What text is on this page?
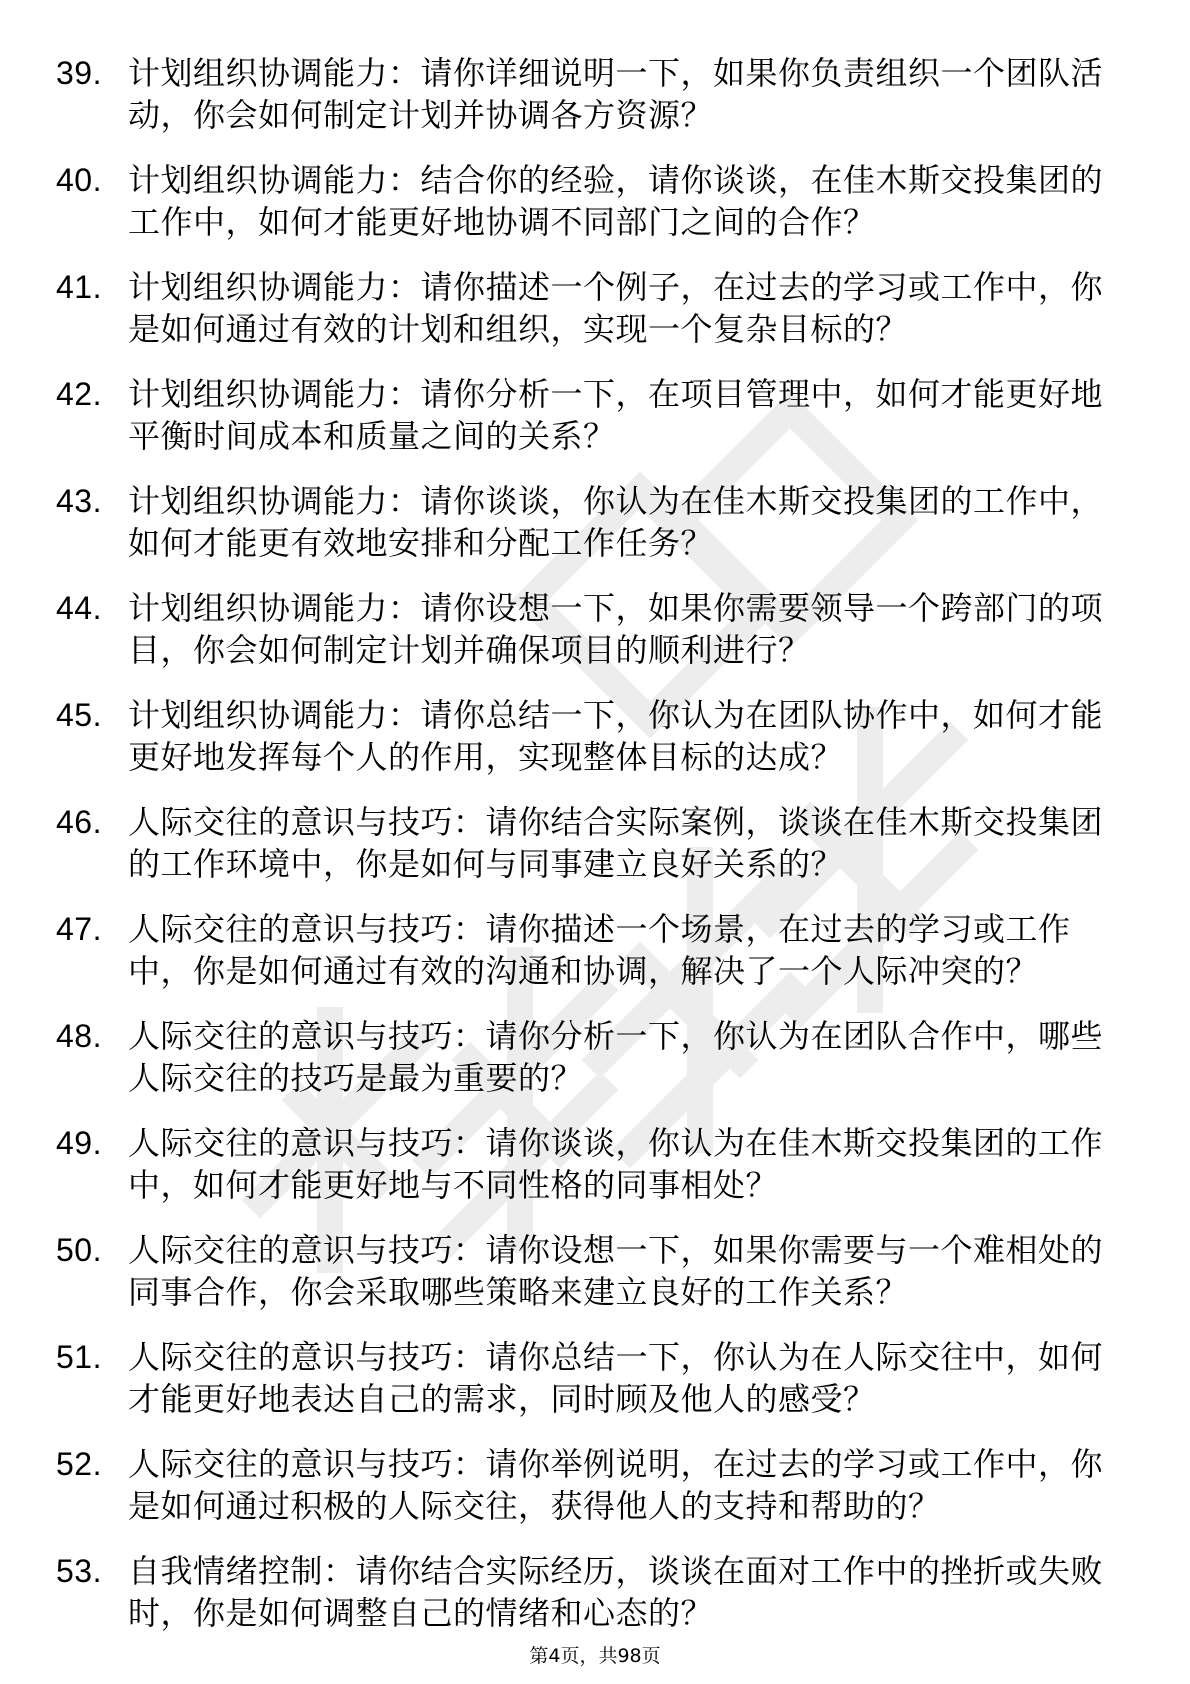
39. 计划组织协调能力：请你详细说明一下，如果你负责组织一个团队活动，你会如何制定计划并协调各方资源？
40. 计划组织协调能力：结合你的经验，请你谈谈，在佳木斯交投集团的工作中，如何才能更好地协调不同部门之间的合作？
41. 计划组织协调能力：请你描述一个例子，在过去的学习或工作中，你是如何通过有效的计划和组织，实现一个复杂目标的？
42. 计划组织协调能力：请你分析一下，在项目管理中，如何才能更好地平衡时间成本和质量之间的关系？
43. 计划组织协调能力：请你谈谈，你认为在佳木斯交投集团的工作中，如何才能更有效地安排和分配工作任务？
44. 计划组织协调能力：请你设想一下，如果你需要领导一个跨部门的项目，你会如何制定计划并确保项目的顺利进行？
45. 计划组织协调能力：请你总结一下，你认为在团队协作中，如何才能更好地发挥每个人的作用，实现整体目标的达成？
46. 人际交往的意识与技巧：请你结合实际案例，谈谈在佳木斯交投集团的工作环境中，你是如何与同事建立良好关系的？
47. 人际交往的意识与技巧：请你描述一个场景，在过去的学习或工作中，你是如何通过有效的沟通和协调，解决了一个人际冲突的？
48. 人际交往的意识与技巧：请你分析一下，你认为在团队合作中，哪些人际交往的技巧是最为重要的？
49. 人际交往的意识与技巧：请你谈谈，你认为在佳木斯交投集团的工作中，如何才能更好地与不同性格的同事相处？
50. 人际交往的意识与技巧：请你设想一下，如果你需要与一个难相处的同事合作，你会采取哪些策略来建立良好的工作关系？
51. 人际交往的意识与技巧：请你总结一下，你认为在人际交往中，如何才能更好地表达自己的需求，同时顾及他人的感受？
52. 人际交往的意识与技巧：请你举例说明，在过去的学习或工作中，你是如何通过积极的人际交往，获得他人的支持和帮助的？
53. 自我情绪控制：请你结合实际经历，谈谈在面对工作中的挫折或失败时，你是如何调整自己的情绪和心态的？
第4页，共98页
